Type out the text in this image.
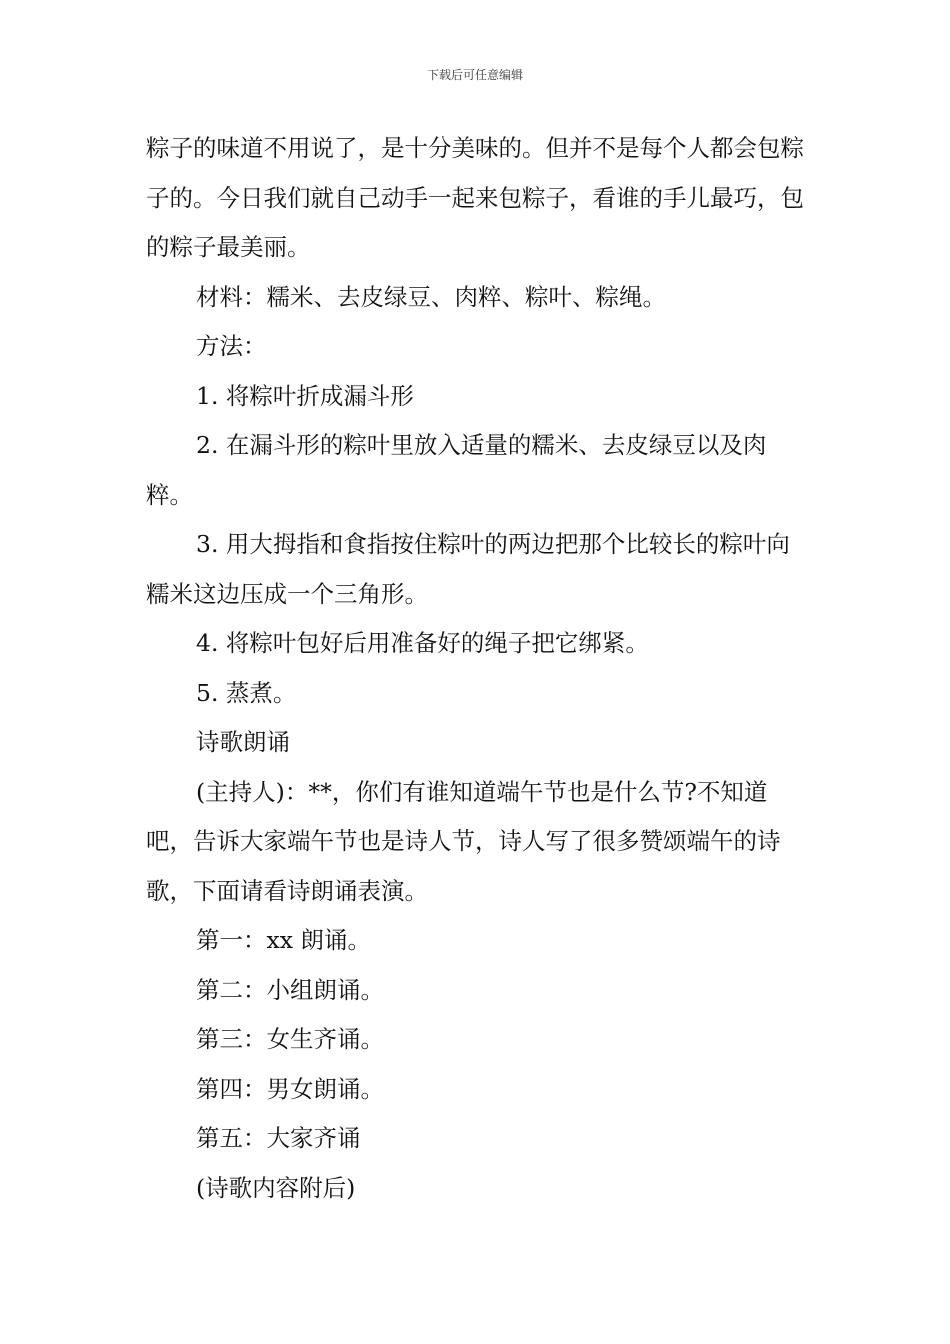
下载后可任意编辑

粽子的味道不用说了，是十分美味的。但并不是每个人都会包粽子的。今日我们就自己动手一起来包粽子，看谁的手儿最巧，包的粽子最美丽。

材料：糯米、去皮绿豆、肉粹、粽叶、粽绳。

方法：

1. 将粽叶折成漏斗形

2. 在漏斗形的粽叶里放入适量的糯米、去皮绿豆以及肉粹。

3. 用大拇指和食指按住粽叶的两边把那个比较长的粽叶向糯米这边压成一个三角形。

4. 将粽叶包好后用准备好的绳子把它绑紧。

5. 蒸煮。

诗歌朗诵

(主持人)：**，你们有谁知道端午节也是什么节?不知道吧，告诉大家端午节也是诗人节，诗人写了很多赞颂端午的诗歌，下面请看诗朗诵表演。

第一：xx 朗诵。

第二：小组朗诵。

第三：女生齐诵。

第四：男女朗诵。

第五：大家齐诵

(诗歌内容附后)
